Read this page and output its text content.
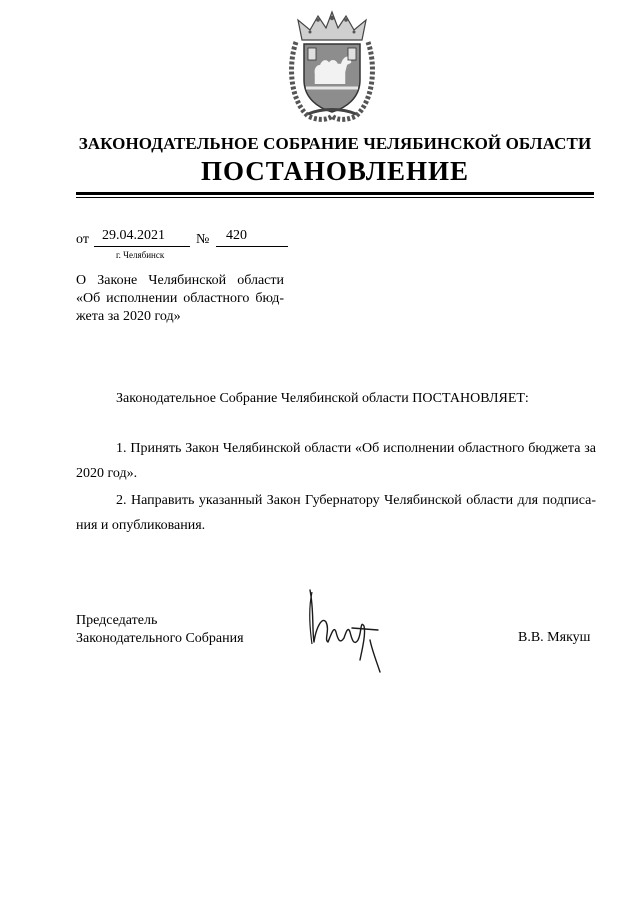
ЗАКОНОДАТЕЛЬНОЕ СОБРАНИЕ ЧЕЛЯБИНСКОЙ ОБЛАСТИ
ПОСТАНОВЛЕНИЕ
от 29.04.2021 № 420
г. Челябинск
О Законе Челябинской области
«Об исполнении областного бюд-
жета за 2020 год»
Законодательное Собрание Челябинской области ПОСТАНОВЛЯЕТ:
1. Принять Закон Челябинской области «Об исполнении областного бюджета за
2020 год».
2. Направить указанный Закон Губернатору Челябинской области для подписа-
ния и опубликования.
Председатель
Законодательного Собрания	В.В. Мякуш
